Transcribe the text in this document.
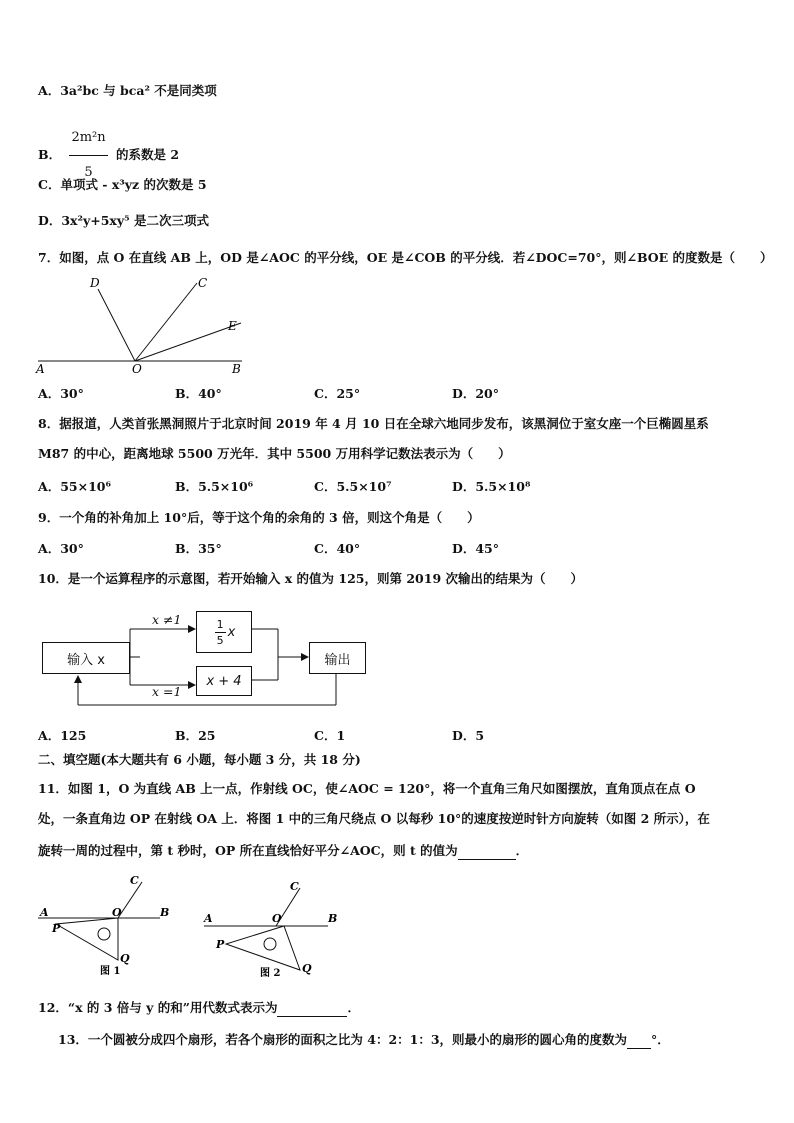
A．3a²bc 与 bca² 不是同类项
B． $\frac{\text{2m²n}}{5}$ 的系数是 2
C．单项式 - x³yz 的次数是 5
D．3x²y+5xy⁵ 是二次三项式
7．如图，点 O 在直线 AB 上，OD 是∠AOC 的平分线，OE 是∠COB 的平分线．若∠DOC=70°，则∠BOE 的度数是（　　）
D	C
E
A	O	B
A．30°	B．40°	C．25°	D．20°
8．据报道，人类首张黑洞照片于北京时间 2019 年 4 月 10 日在全球六地同步发布，该黑洞位于室女座一个巨椭圆星系
M87 的中心，距离地球 5500 万光年．其中 5500 万用科学记数法表示为（　　）
A．55×10⁶	B．5.5×10⁶	C．5.5×10⁷	D．5.5×10⁸
9．一个角的补角加上 10°后，等于这个角的余角的 3 倍，则这个角是（　　）
A．30°	B．35°	C．40°	D．45°
10．是一个运算程序的示意图，若开始输入 x 的值为 125，则第 2019 次输出的结果为（　　）
输入 x
$\frac{1}{5}$ x
x + 4
输出
x ≠1
x =1
A．125	B．25	C．1	D．5
二、填空题(本大题共有 6 小题，每小题 3 分，共 18 分)
11．如图 1，O 为直线 AB 上一点，作射线 OC，使∠AOC = 120°，将一个直角三角尺如图摆放，直角顶点在点 O
处，一条直角边 OP 在射线 OA 上．将图 1 中的三角尺绕点 O 以每秒 10°的速度按逆时针方向旋转（如图 2 所示），在
旋转一周的过程中，第 t 秒时，OP 所在直线恰好平分∠AOC，则 t 的值为	．
C
A	O	B
P
Q
图 1
C
A	O	B
P
Q
图 2
12．“x 的 3 倍与 y 的和”用代数式表示为	．
13．一个圆被分成四个扇形，若各个扇形的面积之比为 4：2：1：3，则最小的扇形的圆心角的度数为 °．
